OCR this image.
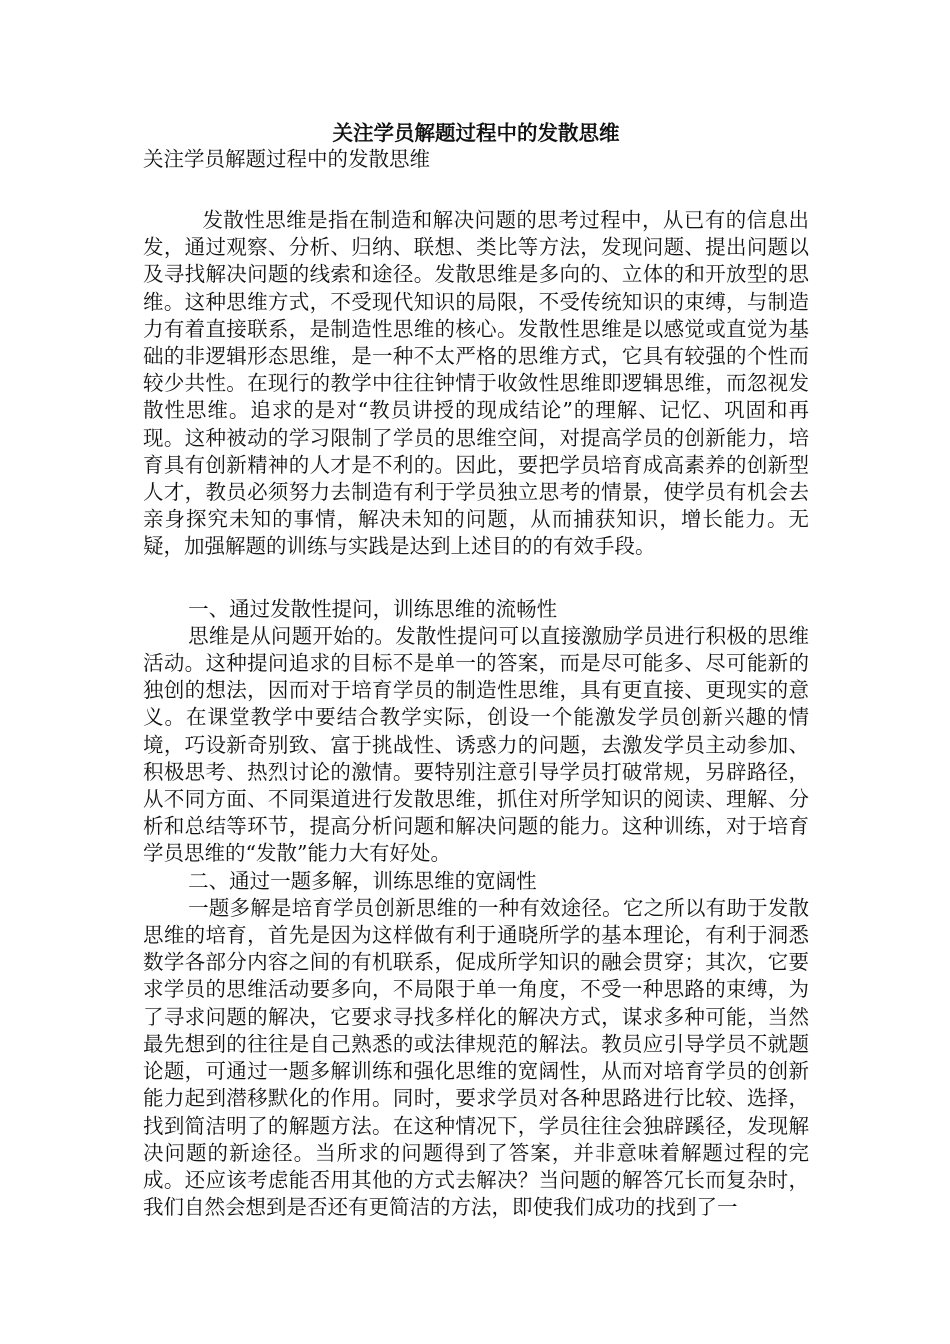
关注学员解题过程中的发散思维

关注学员解题过程中的发散思维

发散性思维是指在制造和解决问题的思考过程中，从已有的信息出发，通过观察、分析、归纳、联想、类比等方法，发现问题、提出问题以及寻找解决问题的线索和途径。发散思维是多向的、立体的和开放型的思维。这种思维方式，不受现代知识的局限，不受传统知识的束缚，与制造力有着直接联系，是制造性思维的核心。发散性思维是以感觉或直觉为基础的非逻辑形态思维，是一种不太严格的思维方式，它具有较强的个性而较少共性。在现行的教学中往往钟情于收敛性思维即逻辑思维，而忽视发散性思维。追求的是对“教员讲授的现成结论”的理解、记忆、巩固和再现。这种被动的学习限制了学员的思维空间，对提高学员的创新能力，培育具有创新精神的人才是不利的。因此，要把学员培育成高素养的创新型人才，教员必须努力去制造有利于学员独立思考的情景，使学员有机会去亲身探究未知的事情，解决未知的问题，从而捕获知识，增长能力。无疑，加强解题的训练与实践是达到上述目的的有效手段。

一、通过发散性提问，训练思维的流畅性

思维是从问题开始的。发散性提问可以直接激励学员进行积极的思维活动。这种提问追求的目标不是单一的答案，而是尽可能多、尽可能新的独创的想法，因而对于培育学员的制造性思维，具有更直接、更现实的意义。在课堂教学中要结合教学实际，创设一个能激发学员创新兴趣的情境，巧设新奇别致、富于挑战性、诱惑力的问题，去激发学员主动参加、积极思考、热烈讨论的激情。要特别注意引导学员打破常规，另辟路径，从不同方面、不同渠道进行发散思维，抓住对所学知识的阅读、理解、分析和总结等环节，提高分析问题和解决问题的能力。这种训练，对于培育学员思维的“发散”能力大有好处。

二、通过一题多解，训练思维的宽阔性

一题多解是培育学员创新思维的一种有效途径。它之所以有助于发散思维的培育，首先是因为这样做有利于通晓所学的基本理论，有利于洞悉数学各部分内容之间的有机联系，促成所学知识的融会贯穿；其次，它要求学员的思维活动要多向，不局限于单一角度，不受一种思路的束缚，为了寻求问题的解决，它要求寻找多样化的解决方式，谋求多种可能，当然最先想到的往往是自己熟悉的或法律规范的解法。教员应引导学员不就题论题，可通过一题多解训练和强化思维的宽阔性，从而对培育学员的创新能力起到潜移默化的作用。同时，要求学员对各种思路进行比较、选择，找到简洁明了的解题方法。在这种情况下，学员往往会独辟蹊径，发现解决问题的新途径。当所求的问题得到了答案，并非意味着解题过程的完成。还应该考虑能否用其他的方式去解决？当问题的解答冗长而复杂时，我们自然会想到是否还有更简洁的方法，即使我们成功的找到了一
